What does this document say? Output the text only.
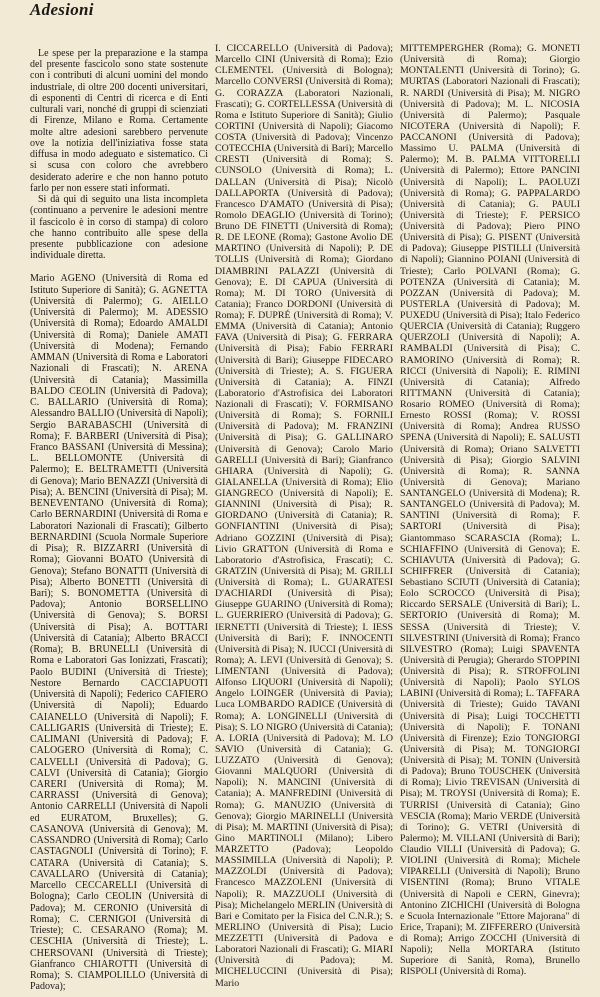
Adesioni

Le spese per la preparazione e la stampa del presente fascicolo sono state sostenute con i contributi di alcuni uomini del mondo industriale, di oltre 200 docenti universitari, di esponenti di Centri di ricerca e di Enti culturali vari, nonché di gruppi di scienziati di Firenze, Milano e Roma. Certamente molte altre adesioni sarebbero pervenute ove la notizia dell'iniziativa fosse stata diffusa in modo adeguato e sistematico. Ci si scusa con coloro che avrebbero desiderato aderire e che non hanno potuto farlo per non essere stati informati.

Si dà qui di seguito una lista incompleta (continuano a pervenire le adesioni mentre il fascicolo è in corso di stampa) di coloro che hanno contribuito alle spese della presente pubblicazione con adesione individuale diretta.

Mario AGENO (Università di Roma ed Istituto Superiore di Sanità); G. AGNETTA (Università di Palermo); G. AIELLO (Università di Palermo); M. ADESSIO (Università di Roma); Edoardo AMALDI (Università di Roma); Daniele AMATI (Università di Modena); Fernando AMMAN (Università di Roma e Laboratori Nazionali di Frascati); N. ARENA (Università di Catania); Massimilla BALDO CEOLIN (Università di Padova); C. BALLARIO (Università di Roma); Alessandro BALLIO (Università di Napoli); Sergio BARABASCHI (Università di Roma); F. BARBERI (Università di Pisa); Franco BASSANI (Università di Messina); L. BELLOMONTE (Università di Palermo); E. BELTRAMETTI (Università di Genova); Mario BENAZZI (Università di Pisa); A. BENCINI (Università di Pisa); M. BENEVENTANO (Università di Roma); Carlo BERNARDINI (Università di Roma e Laboratori Nazionali di Frascati); Gilberto BERNARDINI (Scuola Normale Superiore di Pisa); R. BIZZARRI (Università di Roma); Giovanni BOATO (Università di Genova); Stefano BONATTI (Università di Pisa); Alberto BONETTI (Università di Bari); S. BONOMETTA (Università di Padova); Antonio BORSELLINO (Università di Genova); S. BORSI (Università di Pisa); A. BOTTARI (Università di Catania); Alberto BRACCI (Roma); B. BRUNELLI (Università di Roma e Laboratori Gas Ionizzati, Frascati); Paolo BUDINI (Università di Trieste); Nestore Bernardo CACCIAPUOTI (Università di Napoli); Federico CAFIERO (Università di Napoli); Eduardo CAIANELLO (Università di Napoli); F. CALLIGARIS (Università di Trieste); E. CALIMANI (Università di Padova); F. CALOGERO (Università di Roma); C. CALVELLI (Università di Padova); G. CALVI (Università di Catania); Giorgio CARERI (Università di Roma); M. CARRASSI (Università di Genova); Antonio CARRELLI (Università di Napoli ed EURATOM, Bruxelles); G. CASANOVA (Università di Genova); M. CASSANDRO (Università di Roma); Carlo CASTAGNOLI (Università di Torino); F. CATARA (Università di Catania); S. CAVALLARO (Università di Catania); Marcello CECCARELLI (Università di Bologna); Carlo CEOLIN (Università di Padova); M. CERONIO (Università di Roma); C. CERNIGOI (Università di Trieste); C. CESARANO (Roma); M. CESCHIA (Università di Trieste); L. CHERSOVANI (Università di Trieste); Gianfranco CHIAROTTI (Università di Roma); S. CIAMPOLILLO (Università di Padova);

I. CICCARELLO (Università di Padova); Marcello CINI (Università di Roma); Ezio CLEMENTEL (Università di Bologna); Marcello CONVERSI (Università di Roma); G. CORAZZA (Laboratori Nazionali, Frascati); G. CORTELLESSA (Università di Roma e Istituto Superiore di Sanità); Giulio CORTINI (Università di Napoli); Giacomo COSTA (Università di Padova); Vincenzo COTECCHIA (Università di Bari); Marcello CRESTI (Università di Roma); S. CUNSOLO (Università di Roma); L. DALLAN (Università di Pisa); Nicolò DALLAPORTA (Università di Padova); Francesco D'AMATO (Università di Pisa); Romolo DEAGLIO (Università di Torino); Bruno DE FINETTI (Università di Roma); R. DE LEONE (Roma); Gastone Avolio DE MARTINO (Università di Napoli); P. DE TOLLIS (Università di Roma); Giordano DIAMBRINI PALAZZI (Università di Genova); E. DI CAPUA (Università di Roma); M. DI TORO (Università di Catania); Franco DORDONI (Università di Roma); F. DUPRÉ (Università di Roma); V. EMMA (Università di Catania); Antonio FAVA (Università di Pisa); G. FERRARA (Università di Pisa); Fabio FERRARI (Università di Bari); Giuseppe FIDECARO (Università di Trieste); A. S. FIGUERA (Università di Catania); A. FINZI (Laboratorio d'Astrofisica dei Laboratori Nazionali di Frascati); V. FORMISANO (Università di Roma); S. FORNILI (Università di Padova); M. FRANZINI (Università di Pisa); G. GALLINARO (Università di Genova); Carolo Mario GARELLI (Università di Bari); Gianfranco GHIARA (Università di Napoli); G. GIALANELLA (Università di Roma); Elio GIANGRECO (Università di Napoli); E. GIANNINI (Università di Pisa); R. GIORDANO (Università di Catania); R. GONFIANTINI (Università di Pisa); Adriano GOZZINI (Università di Pisa); Livio GRATTON (Università di Roma e Laboratorio d'Astrofisica, Frascati); C. GRATZIN (Università di Pisa); M. GRILLI (Università di Roma); L. GUARATESI D'ACHIARDI (Università di Pisa); Giuseppe GUARINO (Università di Roma); L. GUERRIERO (Università di Padova); G. IERNETTI (Università di Trieste); I. IESS (Università di Bari); F. INNOCENTI (Università di Pisa); N. IUCCI (Università di Roma); A. LEVI (Università di Genova); S. LIMENTANI (Università di Padova); Alfonso LIQUORI (Università di Napoli); Angelo LOINGER (Università di Pavia); Luca LOMBARDO RADICE (Università di Roma); A. LONGINELLI (Università di Pisa); S. LO NIGRO (Università di Catania); A. LORIA (Università di Padova); M. LO SAVIO (Università di Catania); G. LUZZATO (Università di Genova); Giovanni MALQUORI (Università di Napoli); N. MANCINI (Università di Catania); A. MANFREDINI (Università di Roma); G. MANUZIO (Università di Genova); Giorgio MARINELLI (Università di Pisa); M. MARTINI (Università di Pisa); Gino MARTINOLI (Milano); Libero MARZETTO (Padova); Leopoldo MASSIMILLA (Università di Napoli); P. MAZZOLDI (Università di Padova); Francesco MAZZOLENI (Università di Napoli); R. MAZZUOLI (Università di Pisa); Michelangelo MERLIN (Università di Bari e Comitato per la Fisica del C.N.R.); S. MERLINO (Università di Pisa); Lucio MEZZETTI (Università di Padova e Laboratori Nazionali di Frascati); G. MIARI (Università di Padova); M. MICHELUCCINI (Università di Pisa); Mario

MITTEMPERGHER (Roma); G. MONETI (Università di Roma); Giorgio MONTALENTI (Università di Torino); G. MURTAS (Laboratori Nazionali di Frascati); R. NARDI (Università di Pisa); M. NIGRO (Università di Padova); M. L. NICOSIA (Università di Palermo); Pasquale NICOTERA (Università di Napoli); F. PACCANONI (Università di Padova); Massimo U. PALMA (Università di Palermo); M. B. PALMA VITTORELLI (Università di Palermo); Ettore PANCINI (Università di Napoli); L. PAOLUZI (Università di Roma); G. PAPPALARDO (Università di Catania); G. PAULI (Università di Trieste); F. PERSICO (Università di Padova); Piero PINO (Università di Pisa); G. PISENT (Università di Padova); Giuseppe PISTILLI (Università di Napoli); Giannino POIANI (Università di Trieste); Carlo POLVANI (Roma); G. POTENZA (Università di Catania); M. POZZAN (Università di Padova); M. PUSTERLA (Università di Padova); M. PUXEDU (Università di Pisa); Italo Federico QUERCIA (Università di Catania); Ruggero QUERZOLI (Università di Napoli); A. RAMBALDI (Università di Pisa); C. RAMORINO (Università di Roma); R. RICCI (Università di Napoli); E. RIMINI (Università di Catania); Alfredo RITTMANN (Università di Catania); Rosario ROMEO (Università di Roma); Ernesto ROSSI (Roma); V. ROSSI (Università di Roma); Andrea RUSSO SPENA (Università di Napoli); E. SALUSTI (Università di Roma); Oriano SALVETTI (Università di Pisa); Giorgio SALVINI (Università di Roma); R. SANNA (Università di Genova); Mariano SANTANGELO (Università di Modena); R. SANTANGELO (Università di Padova); M. SANTINI (Università di Roma); F. SARTORI (Università di Pisa); Giantommaso SCARASCIA (Roma); L. SCHIAFFINO (Università di Genova); E. SCHIAVUTA (Università di Padova); G. SCHIFFRER (Università di Catania); Sebastiano SCIUTI (Università di Catania); Eolo SCROCCO (Università di Pisa); Riccardo SERSALE (Università di Bari); L. SERTORIO (Università di Roma); M. SESSA (Università di Trieste); V. SILVESTRINI (Università di Roma); Franco SILVESTRO (Roma); Luigi SPAVENTA (Università di Perugia); Gherardo STOPPINI (Università di Pisa); R. STROFFOLINI (Università di Napoli); Paolo SYLOS LABINI (Università di Roma); L. TAFFARA (Università di Trieste); Guido TAVANI (Università di Pisa); Luigi TOCCHETTI (Università di Napoli); F. TONANI (Università di Firenze); Ezio TONGIORGI (Università di Pisa); M. TONGIORGI (Università di Pisa); M. TONIN (Università di Padova); Bruno TOUSCHEK (Università di Roma); Livio TREVISAN (Università di Pisa); M. TROYSI (Università di Roma); E. TURRISI (Università di Catania); Gino VESCIA (Roma); Mario VERDE (Università di Torino); G. VETRI (Università di Palermo); M. VILLANI (Università di Bari); Claudio VILLI (Università di Padova); G. VIOLINI (Università di Roma); Michele VIPARELLI (Università di Napoli); Bruno VISENTINI (Roma); Bruno VITALE (Università di Napoli e CERN, Ginevra); Antonino ZICHICHI (Università di Bologna e Scuola Internazionale "Ettore Majorana" di Erice, Trapani); M. ZIFFERERO (Università di Roma); Arrigo ZOCCHI (Università di Napoli); Nella MORTARA (Istituto Superiore di Sanità, Roma), Brunello RISPOLI (Università di Roma).
